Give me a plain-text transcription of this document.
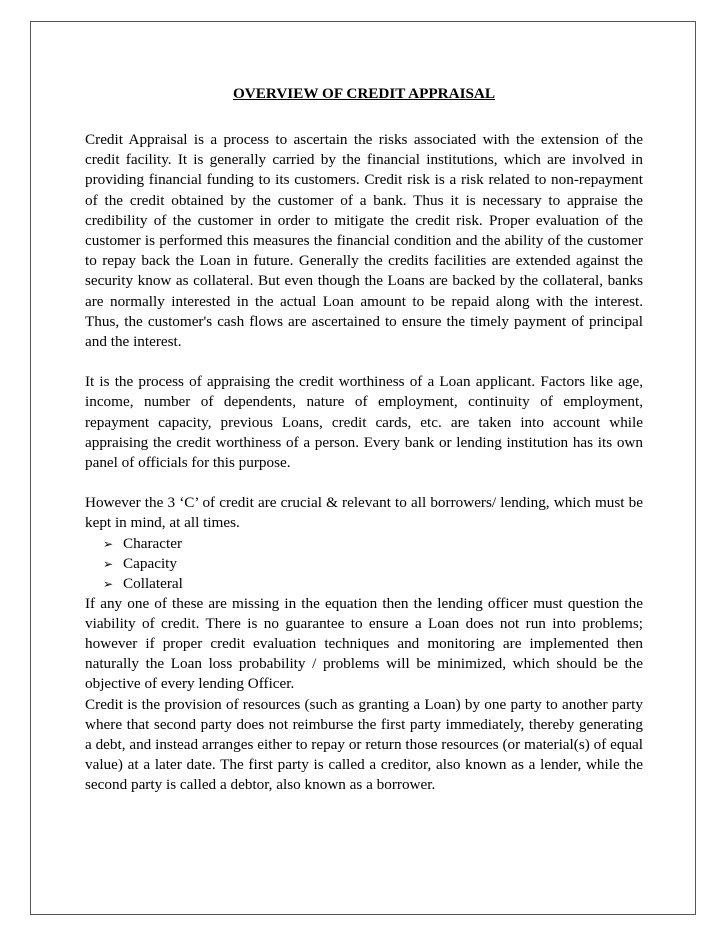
OVERVIEW OF CREDIT APPRAISAL

Credit Appraisal is a process to ascertain the risks associated with the extension of the credit facility. It is generally carried by the financial institutions, which are involved in providing financial funding to its customers. Credit risk is a risk related to non-repayment of the credit obtained by the customer of a bank. Thus it is necessary to appraise the credibility of the customer in order to mitigate the credit risk. Proper evaluation of the customer is performed this measures the financial condition and the ability of the customer to repay back the Loan in future. Generally the credits facilities are extended against the security know as collateral. But even though the Loans are backed by the collateral, banks are normally interested in the actual Loan amount to be repaid along with the interest. Thus, the customer's cash flows are ascertained to ensure the timely payment of principal and the interest.

It is the process of appraising the credit worthiness of a Loan applicant. Factors like age, income, number of dependents, nature of employment, continuity of employment, repayment capacity, previous Loans, credit cards, etc. are taken into account while appraising the credit worthiness of a person. Every bank or lending institution has its own panel of officials for this purpose.

However the 3 ‘C’ of credit are crucial & relevant to all borrowers/ lending, which must be kept in mind, at all times.

➢ Character
➢ Capacity
➢ Collateral

If any one of these are missing in the equation then the lending officer must question the viability of credit. There is no guarantee to ensure a Loan does not run into problems; however if proper credit evaluation techniques and monitoring are implemented then naturally the Loan loss probability / problems will be minimized, which should be the objective of every lending Officer.

Credit is the provision of resources (such as granting a Loan) by one party to another party where that second party does not reimburse the first party immediately, thereby generating a debt, and instead arranges either to repay or return those resources (or material(s) of equal value) at a later date. The first party is called a creditor, also known as a lender, while the second party is called a debtor, also known as a borrower.
